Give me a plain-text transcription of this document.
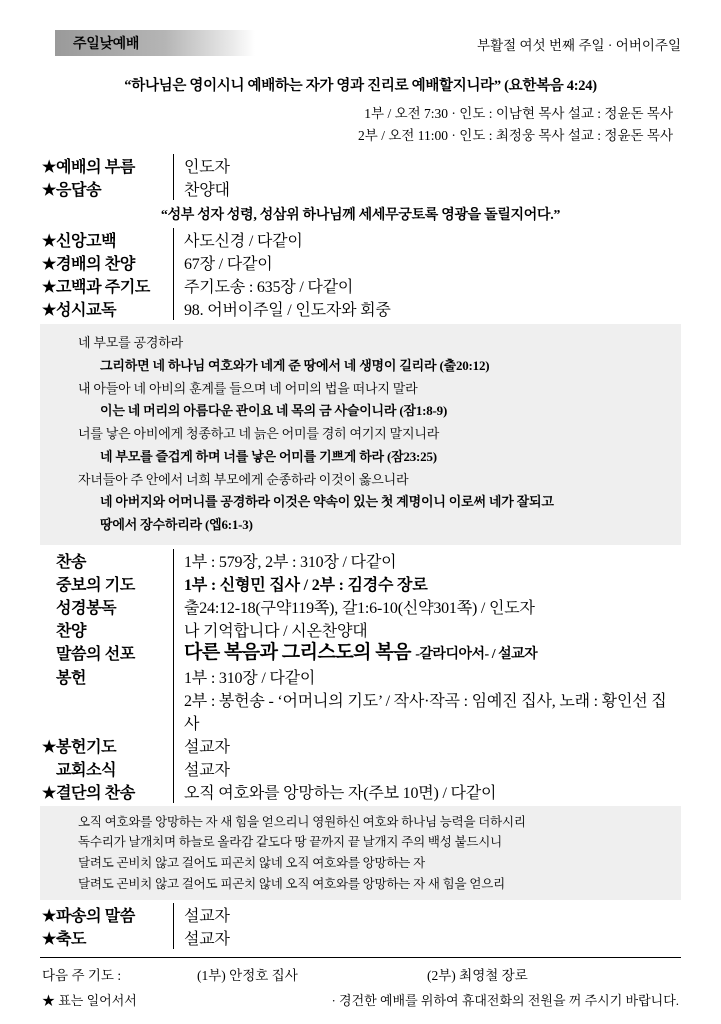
주일낮예배	부활절 여섯 번째 주일 · 어버이주일
“하나님은 영이시니 예배하는 자가 영과 진리로 예배할지니라” (요한복음 4:24)
1부 / 오전 7:30 · 인도 : 이남현 목사 설교 : 정윤돈 목사
2부 / 오전 11:00 · 인도 : 최정웅 목사 설교 : 정윤돈 목사
★예배의 부름	인도자
★응답송	찬양대
“성부 성자 성령, 성삼위 하나님께 세세무궁토록 영광을 돌릴지어다.”
★신앙고백	사도신경 / 다같이
★경배의 찬양	67장 / 다같이
★고백과 주기도	주기도송 : 635장 / 다같이
★성시교독	98. 어버이주일 / 인도자와 회중
네 부모를 공경하라
그리하면 네 하나님 여호와가 네게 준 땅에서 네 생명이 길리라 (출20:12)
내 아들아 네 아비의 훈계를 들으며 네 어미의 법을 떠나지 말라
이는 네 머리의 아름다운 관이요 네 목의 금 사슬이니라 (잠1:8-9)
너를 낳은 아비에게 청종하고 네 늙은 어미를 경히 여기지 말지니라
네 부모를 즐겁게 하며 너를 낳은 어미를 기쁘게 하라 (잠23:25)
자녀들아 주 안에서 너희 부모에게 순종하라 이것이 옳으니라
네 아버지와 어머니를 공경하라 이것은 약속이 있는 첫 계명이니 이로써 네가 잘되고
땅에서 장수하리라 (엡6:1-3)
찬송	1부 : 579장, 2부 : 310장 / 다같이
중보의 기도	1부 : 신형민 집사 / 2부 : 김경수 장로
성경봉독	출24:12-18(구약119쪽), 갈1:6-10(신약301쪽) / 인도자
찬양	나 기억합니다 / 시온찬양대
말씀의 선포	다른 복음과 그리스도의 복음 -갈라디아서- / 설교자
봉헌	1부 : 310장 / 다같이
2부 : 봉헌송 - ‘어머니의 기도’ / 작사·작곡 : 임예진 집사, 노래 : 황인선 집사
★봉헌기도	설교자
교회소식	설교자
★결단의 찬송	오직 여호와를 앙망하는 자(주보 10면) / 다같이
오직 여호와를 앙망하는 자 새 힘을 얻으리니 영원하신 여호와 하나님 능력을 더하시리
독수리가 날개치며 하늘로 올라감 같도다 땅 끝까지 끝 날개지 주의 백성 붙드시니
달려도 곤비치 않고 걸어도 피곤치 않네 오직 여호와를 앙망하는 자
달려도 곤비치 않고 걸어도 피곤치 않네 오직 여호와를 앙망하는 자 새 힘을 얻으리
★파송의 말씀	설교자
★축도	설교자
다음 주 기도 :	(1부) 안정호 집사	(2부) 최영철 장로
★ 표는 일어서서	· 경건한 예배를 위하여 휴대전화의 전원을 꺼 주시기 바랍니다.
